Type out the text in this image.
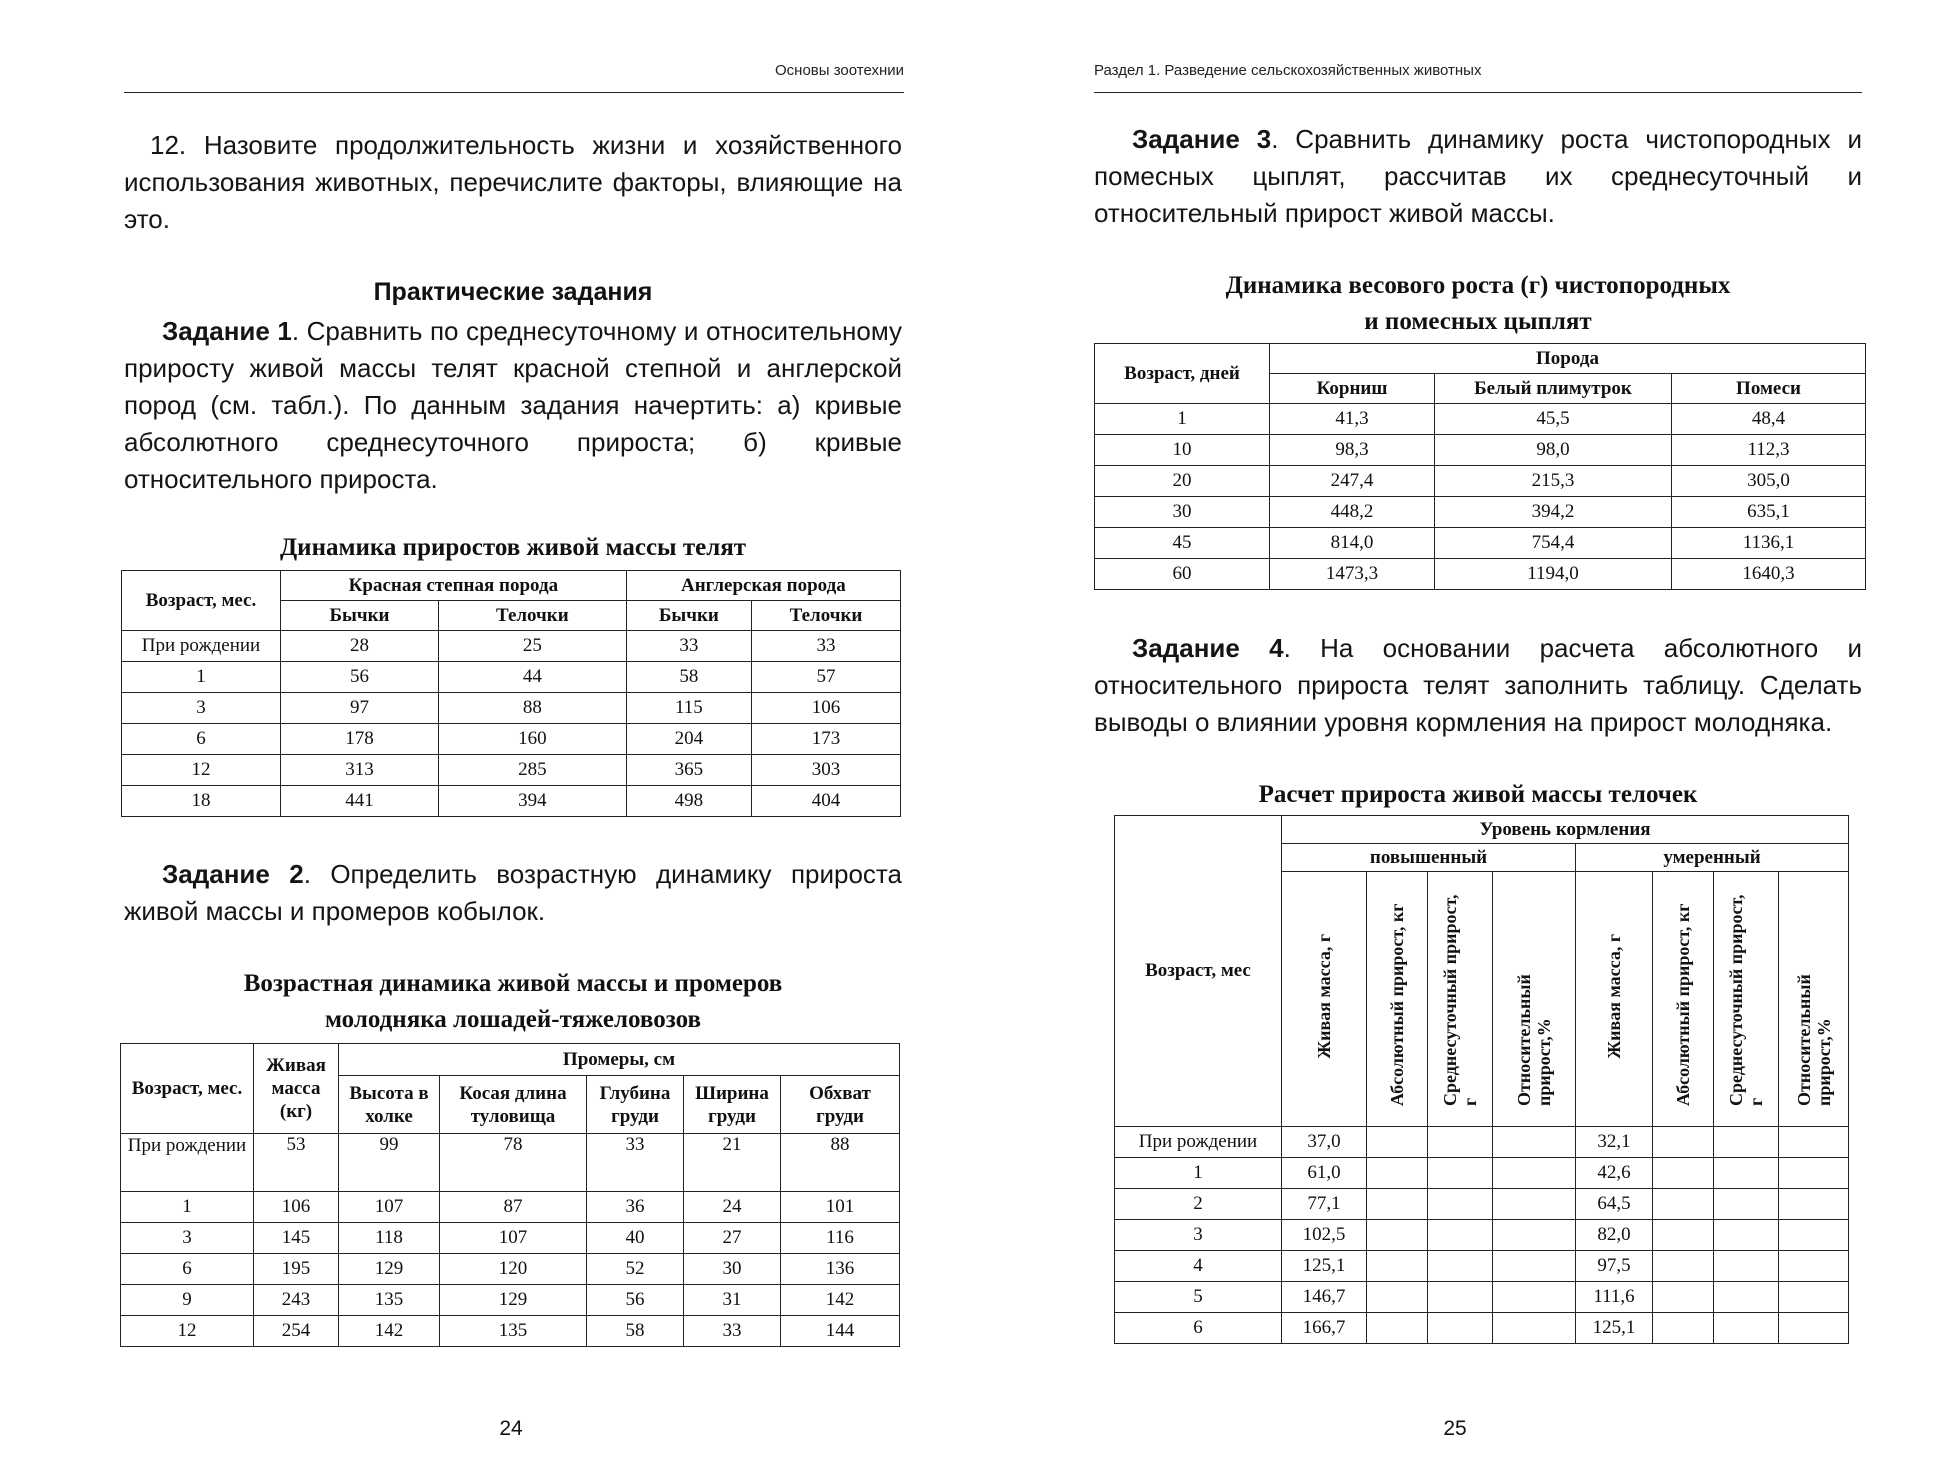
Основы зоотехнии
12. Назовите продолжительность жизни и хозяйственного использования животных, перечислите факторы, влияющие на это.
Практические задания
Задание 1. Сравнить по среднесуточному и относительному приросту живой массы телят красной степной и англерской пород (см. табл.). По данным задания начертить: а) кривые абсолютного среднесуточного прироста; б) кривые относительного прироста.
Динамика приростов живой массы телят
Возраст, мес.	Красная степная порода		Англерская порода	
	Бычки	Телочки	Бычки	Телочки
При рождении	28	25	33	33
1	56	44	58	57
3	97	88	115	106
6	178	160	204	173
12	313	285	365	303
18	441	394	498	404
Задание 2. Определить возрастную динамику прироста живой массы и промеров кобылок.
Возрастная динамика живой массы и промеров
молодняка лошадей-тяжеловозов
Возраст, мес.	Живая масса (кг)	Промеры, см				
		Высота в холке	Косая длина туловища	Глубина груди	Ширина груди	Обхват груди
При рождении	53	99	78	33	21	88
1	106	107	87	36	24	101
3	145	118	107	40	27	116
6	195	129	120	52	30	136
9	243	135	129	56	31	142
12	254	142	135	58	33	144
24
Раздел 1. Разведение сельскохозяйственных животных
Задание 3. Сравнить динамику роста чистопородных и помесных цыплят, рассчитав их среднесуточный и относительный прирост живой массы.
Динамика весового роста (г) чистопородных
и помесных цыплят
Возраст, дней	Порода		
	Корниш	Белый плимутрок	Помеси
1	41,3	45,5	48,4
10	98,3	98,0	112,3
20	247,4	215,3	305,0
30	448,2	394,2	635,1
45	814,0	754,4	1136,1
60	1473,3	1194,0	1640,3
Задание 4. На основании расчета абсолютного и относительного прироста телят заполнить таблицу. Сделать выводы о влиянии уровня кормления на прирост молодняка.
Расчет прироста живой массы телочек
Возраст, мес	Уровень кормления							
	повышенный				умеренный			
	Живая масса, г	Абсолютный прирост, кг	Среднесуточный прирост, г	Относительный прирост,%	Живая масса, г	Абсолютный прирост, кг	Среднесуточный прирост, г	Относительный прирост,%
При рождении	37,0				32,1			
1	61,0				42,6			
2	77,1				64,5			
3	102,5				82,0			
4	125,1				97,5			
5	146,7				111,6			
6	166,7				125,1			
25
